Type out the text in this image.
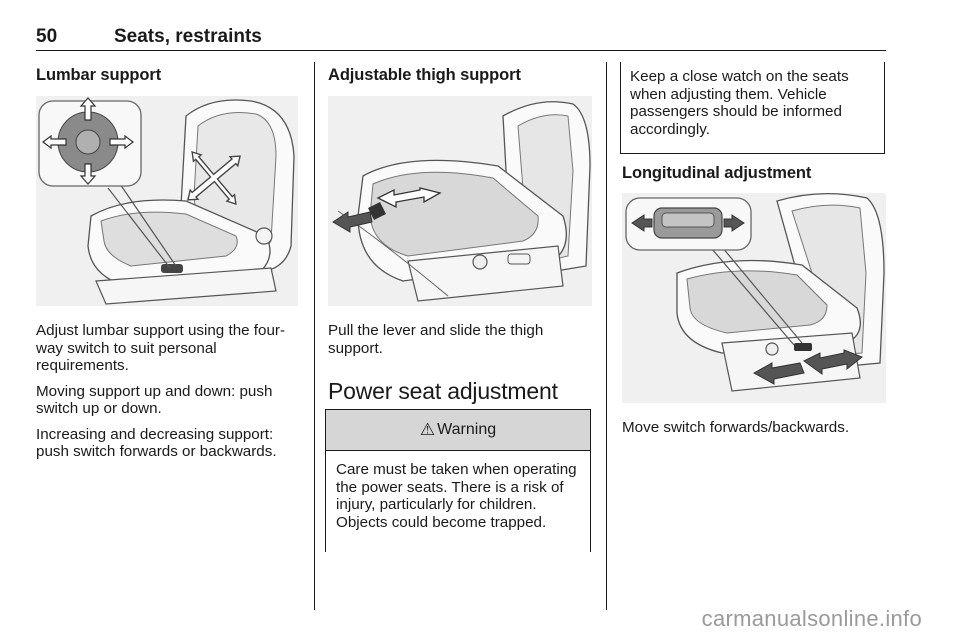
50	Seats, restraints
Lumbar support

Adjust lumbar support using the four-way switch to suit personal requirements.

Moving support up and down: push switch up or down.

Increasing and decreasing support: push switch forwards or backwards.

Adjustable thigh support

Pull the lever and slide the thigh support.

Power seat adjustment
⚠ Warning

Care must be taken when operating the power seats. There is a risk of injury, particularly for children. Objects could become trapped.

Keep a close watch on the seats when adjusting them. Vehicle passengers should be informed accordingly.

Longitudinal adjustment

Move switch forwards/backwards.

carmanualsonline.info
